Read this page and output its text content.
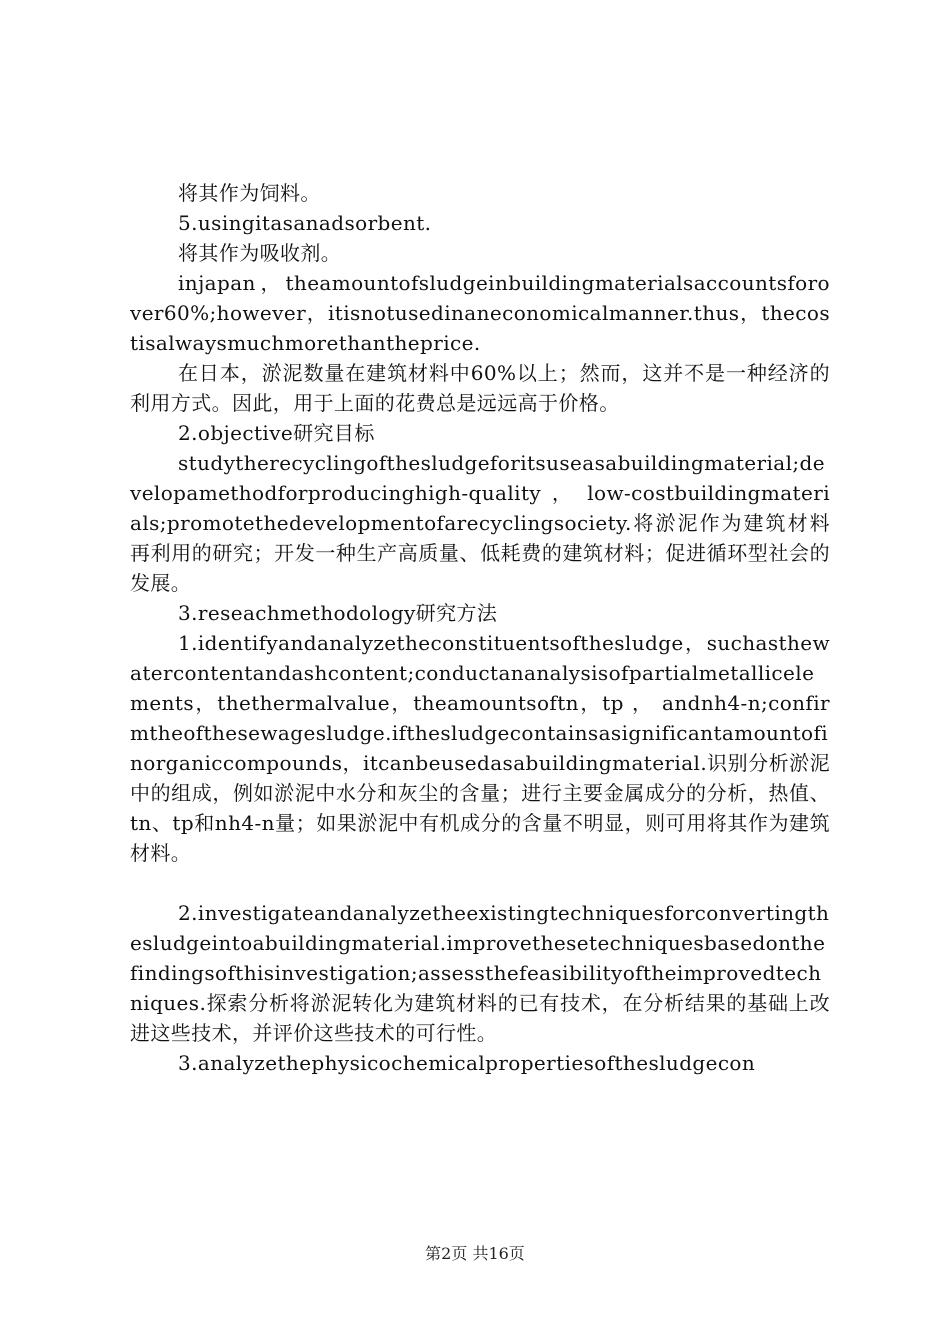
将其作为饲料。

5.usingitasanadsorbent.

将其作为吸收剂。

injapan，theamountofsludgeinbuildingmaterialsaccountsforover60%;however，itisnotusedinaneconomicalmanner.thus，thecostisalwaysmuchmorethantheprice.

在日本，淤泥数量在建筑材料中60%以上；然而，这并不是一种经济的利用方式。因此，用于上面的花费总是远远高于价格。

2.objective研究目标

studytherecyclingofthesludgeforitsuseasabuildingmaterial;developamethodforproducinghigh-quality ， low-costbuildingmaterials;promotethedevelopmentofarecyclingsociety.将淤泥作为建筑材料再利用的研究；开发一种生产高质量、低耗费的建筑材料；促进循环型社会的发展。

3.reseachmethodology研究方法

1.identifyandanalyzetheconstituentsofthesludge，suchasthewatercontentandashcontent;conductananalysisofpartialmetallicelements，thethermalvalue，theamountsoftn，tp ， andnh4-n;confirmtheofthesewagesludge.ifthesludgecontainsasignificantamountofinorganiccompounds，itcanbeusedasabuildingmaterial.识别分析淤泥中的组成，例如淤泥中水分和灰尘的含量；进行主要金属成分的分析，热值、tn、tp和nh4-n量；如果淤泥中有机成分的含量不明显，则可用将其作为建筑材料。

2.investigateandanalyzetheexistingtechniquesforconvertingthesludgeintoabuildingmaterial.improvethesetechniquesbasedonthefindingsofthisinvestigation;assessthefeasibilityoftheimprovedtechniques.探索分析将淤泥转化为建筑材料的已有技术，在分析结果的基础上改进这些技术，并评价这些技术的可行性。

3.analyzethephysicochemicalpropertiesofthesludgecon

第2页 共16页
